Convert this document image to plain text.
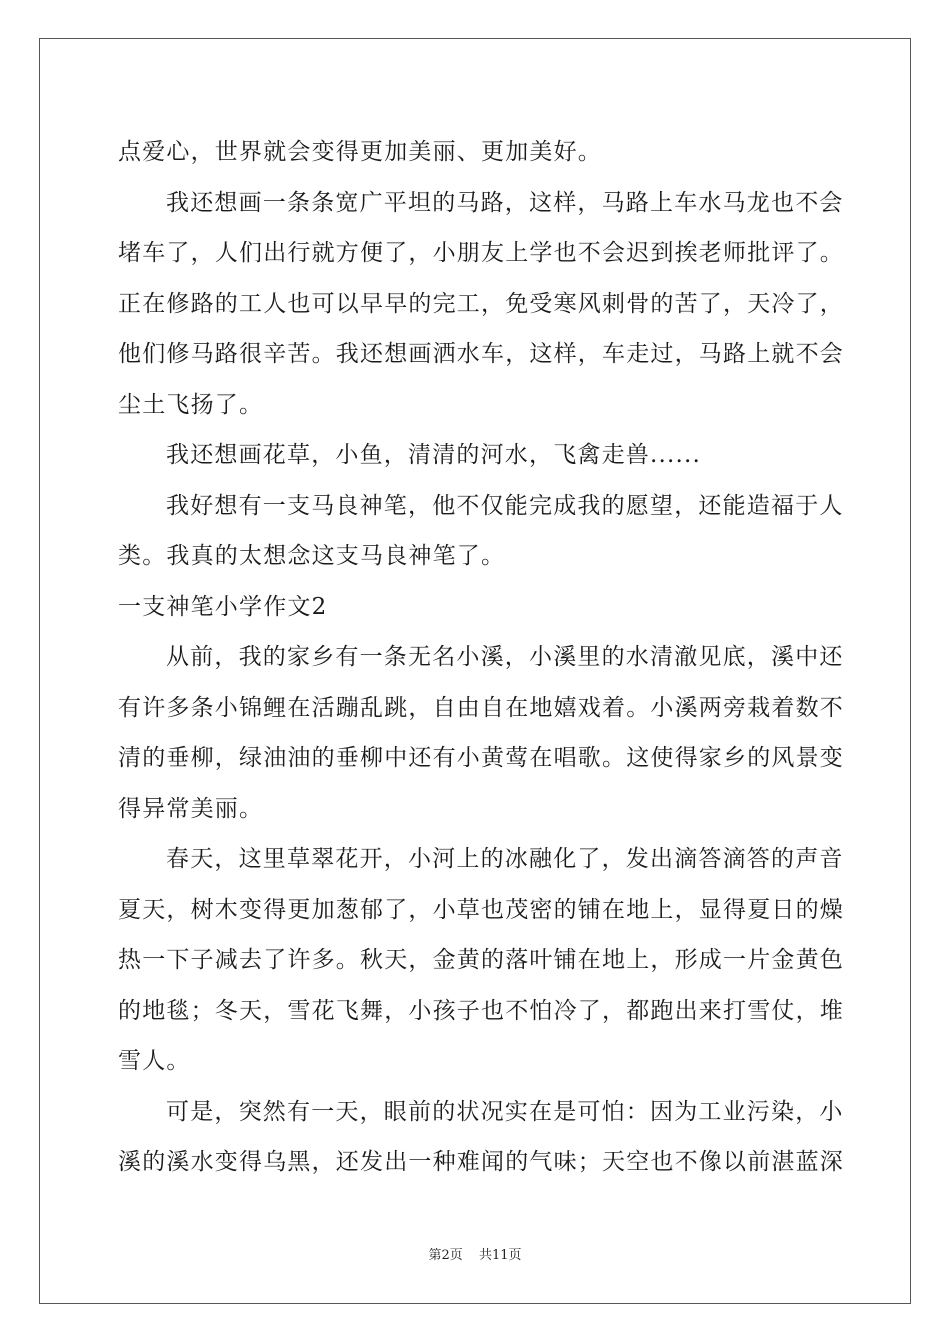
点爱心，世界就会变得更加美丽、更加美好。
我还想画一条条宽广平坦的马路，这样，马路上车水马龙也不会
堵车了，人们出行就方便了，小朋友上学也不会迟到挨老师批评了。
正在修路的工人也可以早早的完工，免受寒风刺骨的苦了，天冷了，
他们修马路很辛苦。我还想画洒水车，这样，车走过，马路上就不会
尘土飞扬了。
我还想画花草，小鱼，清清的河水，飞禽走兽......
我好想有一支马良神笔，他不仅能完成我的愿望，还能造福于人
类。我真的太想念这支马良神笔了。
一支神笔小学作文2
从前，我的家乡有一条无名小溪，小溪里的水清澈见底，溪中还
有许多条小锦鲤在活蹦乱跳，自由自在地嬉戏着。小溪两旁栽着数不
清的垂柳，绿油油的垂柳中还有小黄莺在唱歌。这使得家乡的风景变
得异常美丽。
春天，这里草翠花开，小河上的冰融化了，发出滴答滴答的声音
夏天，树木变得更加葱郁了，小草也茂密的铺在地上，显得夏日的燥
热一下子减去了许多。秋天，金黄的落叶铺在地上，形成一片金黄色
的地毯；冬天，雪花飞舞，小孩子也不怕冷了，都跑出来打雪仗，堆
雪人。
可是，突然有一天，眼前的状况实在是可怕：因为工业污染，小
溪的溪水变得乌黑，还发出一种难闻的气味；天空也不像以前湛蓝深
第2页 共11页
